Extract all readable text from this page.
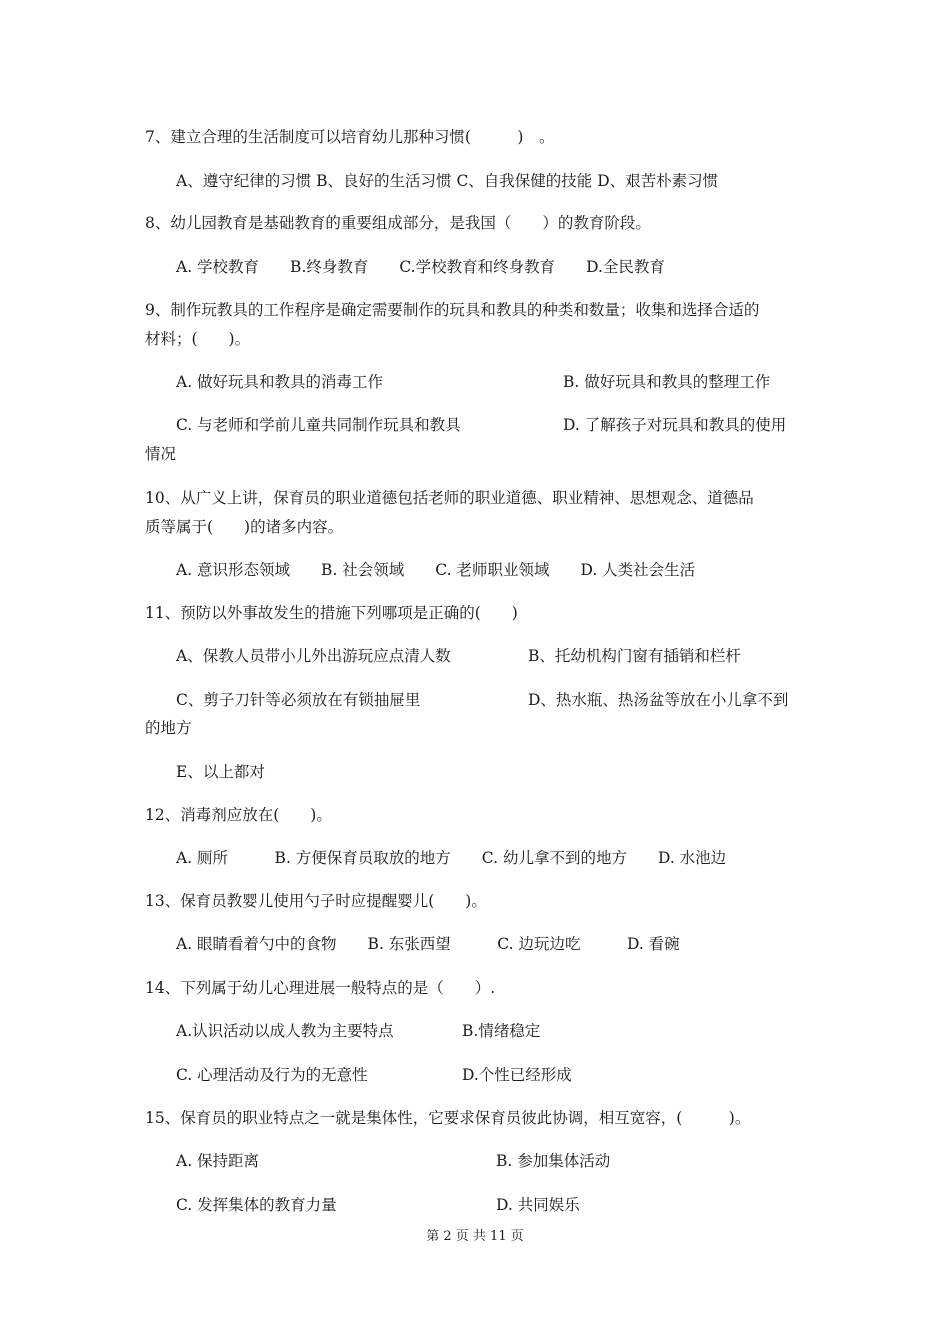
7、建立合理的生活制度可以培育幼儿那种习惯(　　　)　。
A、遵守纪律的习惯 B、良好的生活习惯 C、自我保健的技能 D、艰苦朴素习惯
8、幼儿园教育是基础教育的重要组成部分，是我国（　　）的教育阶段。
A. 学校教育　　B.终身教育　　C.学校教育和终身教育　　D.全民教育
9、制作玩教具的工作程序是确定需要制作的玩具和教具的种类和数量；收集和选择合适的
材料；(　　)。
A. 做好玩具和教具的消毒工作	B. 做好玩具和教具的整理工作
C. 与老师和学前儿童共同制作玩具和教具	D. 了解孩子对玩具和教具的使用
情况
10、从广义上讲，保育员的职业道德包括老师的职业道德、职业精神、思想观念、道德品
质等属于(　　)的诸多内容。
A. 意识形态领域　　B. 社会领域　　C. 老师职业领域　　D. 人类社会生活
11、预防以外事故发生的措施下列哪项是正确的(　　)
A、保教人员带小儿外出游玩应点清人数	B、托幼机构门窗有插销和栏杆
C、剪子刀针等必须放在有锁抽屉里	D、热水瓶、热汤盆等放在小儿拿不到
的地方
E、以上都对
12、消毒剂应放在(　　)。
A. 厕所　　　B. 方便保育员取放的地方　　C. 幼儿拿不到的地方　　D. 水池边
13、保育员教婴儿使用勺子时应提醒婴儿(　　)。
A. 眼睛看着勺中的食物　　B. 东张西望　　　C. 边玩边吃　　　D. 看碗
14、下列属于幼儿心理进展一般特点的是（　　）.
A.认识活动以成人教为主要特点	B.情绪稳定
C. 心理活动及行为的无意性	D.个性已经形成
15、保育员的职业特点之一就是集体性，它要求保育员彼此协调，相互宽容，(　　　)。
A. 保持距离	B. 参加集体活动
C. 发挥集体的教育力量	D. 共同娱乐
第 2 页 共 11 页
